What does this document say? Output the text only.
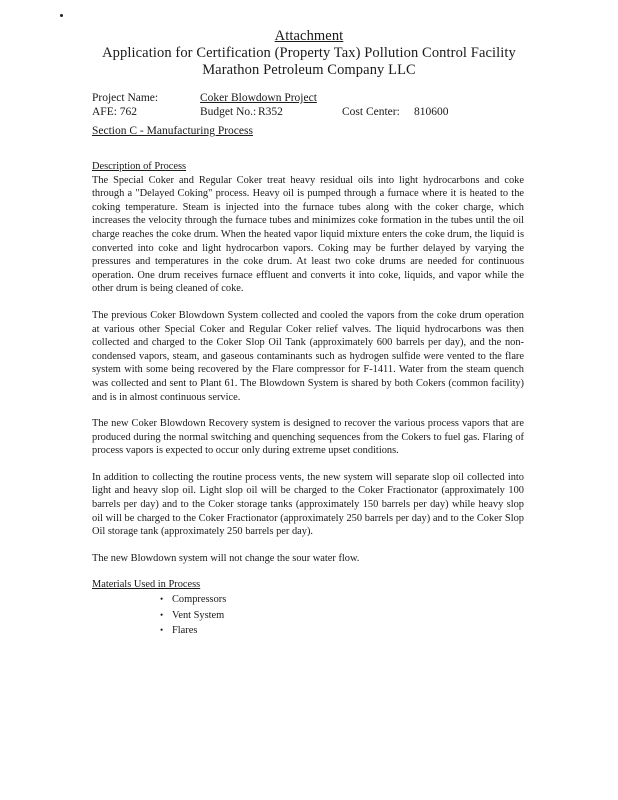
Attachment
Application for Certification (Property Tax) Pollution Control Facility
Marathon Petroleum Company LLC
Project Name:	Coker Blowdown Project
AFE: 762	Budget No.: R352	Cost Center: 810600
Section C - Manufacturing Process
Description of Process

The Special Coker and Regular Coker treat heavy residual oils into light hydrocarbons and coke through a "Delayed Coking" process. Heavy oil is pumped through a furnace where it is heated to the coking temperature. Steam is injected into the furnace tubes along with the coker charge, which increases the velocity through the furnace tubes and minimizes coke formation in the tubes until the oil charge reaches the coke drum. When the heated vapor liquid mixture enters the coke drum, the liquid is converted into coke and light hydrocarbon vapors. Coking may be further delayed by varying the pressures and temperatures in the coke drum. At least two coke drums are needed for continuous operation. One drum receives furnace effluent and converts it into coke, liquids, and vapor while the other drum is being cleaned of coke.

The previous Coker Blowdown System collected and cooled the vapors from the coke drum operation at various other Special Coker and Regular Coker relief valves. The liquid hydrocarbons was then collected and charged to the Coker Slop Oil Tank (approximately 600 barrels per day), and the non-condensed vapors, steam, and gaseous contaminants such as hydrogen sulfide were vented to the flare system with some being recovered by the Flare compressor for F-1411. Water from the steam quench was collected and sent to Plant 61. The Blowdown System is shared by both Cokers (common facility) and is in almost continuous service.

The new Coker Blowdown Recovery system is designed to recover the various process vapors that are produced during the normal switching and quenching sequences from the Cokers to fuel gas. Flaring of process vapors is expected to occur only during extreme upset conditions.

In addition to collecting the routine process vents, the new system will separate slop oil collected into light and heavy slop oil. Light slop oil will be charged to the Coker Fractionator (approximately 100 barrels per day) and to the Coker storage tanks (approximately 150 barrels per day) while heavy slop oil will be charged to the Coker Fractionator (approximately 250 barrels per day) and to the Coker Slop Oil storage tank (approximately 250 barrels per day).

The new Blowdown system will not change the sour water flow.

Materials Used in Process
• Compressors
• Vent System
• Flares
